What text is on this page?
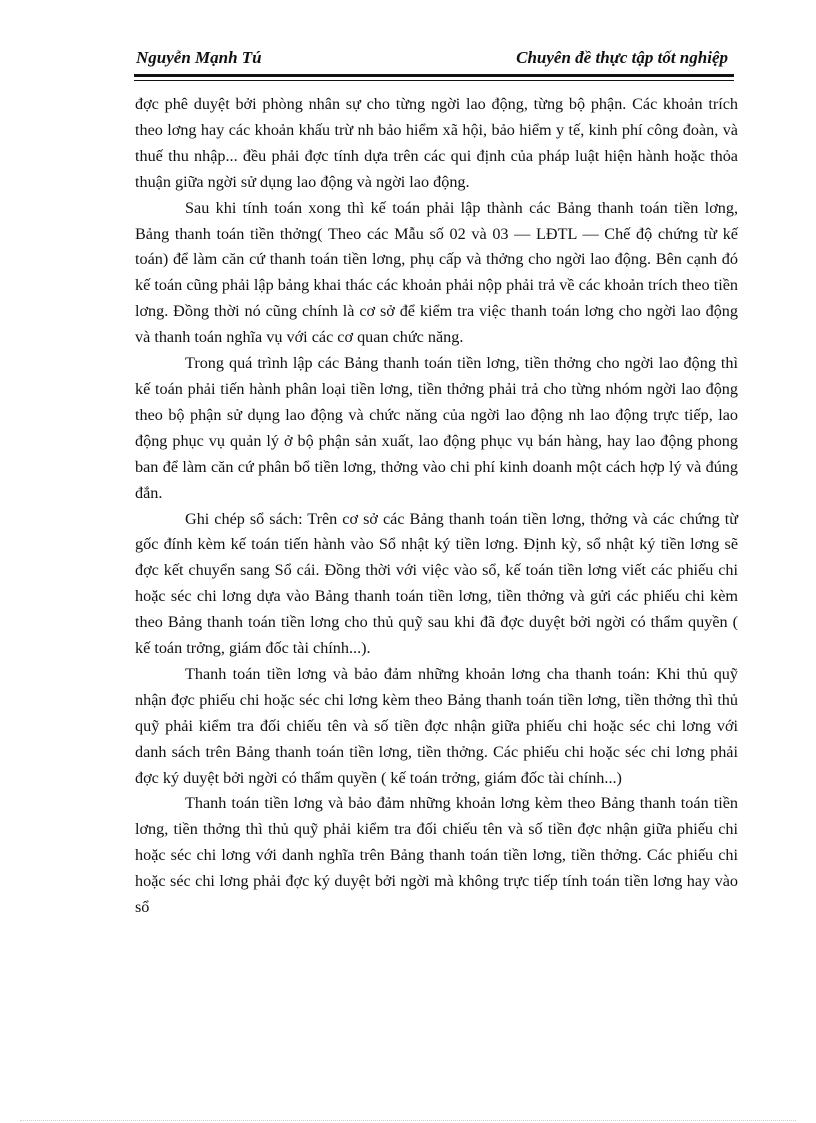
Nguyễn Mạnh Tú	Chuyên đề thực tập tốt nghiệp

đợc phê duyệt bởi phòng nhân sự cho từng ngời lao động, từng bộ phận. Các khoản trích theo lơng hay các khoản khấu trừ nh bảo hiểm xã hội, bảo hiểm y tế, kinh phí công đoàn, và thuế thu nhập... đều phải đợc tính dựa trên các qui định của pháp luật hiện hành hoặc thỏa thuận giữa ngời sử dụng lao động và ngời lao động.

Sau khi tính toán xong thì kế toán phải lập thành các Bảng thanh toán tiền lơng, Bảng thanh toán tiền thởng( Theo các Mẫu số 02 và 03 — LĐTL — Chế độ chứng từ kế toán) để làm căn cứ thanh toán tiền lơng, phụ cấp và thởng cho ngời lao động. Bên cạnh đó kế toán cũng phải lập bảng khai thác các khoản phải nộp phải trả về các khoản trích theo tiền lơng. Đồng thời nó cũng chính là cơ sở để kiểm tra việc thanh toán lơng cho ngời lao động và thanh toán nghĩa vụ với các cơ quan chức năng.

Trong quá trình lập các Bảng thanh toán tiền lơng, tiền thởng cho ngời lao động thì kế toán phải tiến hành phân loại tiền lơng, tiền thởng phải trả cho từng nhóm ngời lao động theo bộ phận sử dụng lao động và chức năng của ngời lao động nh lao động trực tiếp, lao động phục vụ quản lý ở bộ phận sản xuất, lao động phục vụ bán hàng, hay lao động phong ban để làm căn cứ phân bổ tiền lơng, thởng vào chi phí kinh doanh một cách hợp lý và đúng đắn.

Ghi chép sổ sách: Trên cơ sở các Bảng thanh toán tiền lơng, thởng và các chứng từ gốc đính kèm kế toán tiến hành vào Sổ nhật ký tiền lơng. Định kỳ, sổ nhật ký tiền lơng sẽ đợc kết chuyển sang Sổ cái. Đồng thời với việc vào sổ, kế toán tiền lơng viết các phiếu chi hoặc séc chi lơng dựa vào Bảng thanh toán tiền lơng, tiền thởng và gửi các phiếu chi kèm theo Bảng thanh toán tiền lơng cho thủ quỹ sau khi đã đợc duyệt bởi ngời có thẩm quyền ( kế toán trởng, giám đốc tài chính...).

Thanh toán tiền lơng và bảo đảm những khoản lơng cha thanh toán: Khi thủ quỹ nhận đợc phiếu chi hoặc séc chi lơng kèm theo Bảng thanh toán tiền lơng, tiền thởng thì thủ quỹ phải kiểm tra đối chiếu tên và số tiền đợc nhận giữa phiếu chi hoặc séc chi lơng với danh sách trên Bảng thanh toán tiền lơng, tiền thởng. Các phiếu chi hoặc séc chi lơng phải đợc ký duyệt bởi ngời có thẩm quyền ( kế toán trởng, giám đốc tài chính...)

Thanh toán tiền lơng và bảo đảm những khoản lơng kèm theo Bảng thanh toán tiền lơng, tiền thởng thì thủ quỹ phải kiểm tra đối chiếu tên và số tiền đợc nhận giữa phiếu chi hoặc séc chi lơng với danh nghĩa trên Bảng thanh toán tiền lơng, tiền thởng. Các phiếu chi hoặc séc chi lơng phải đợc ký duyệt bởi ngời mà không trực tiếp tính toán tiền lơng hay vào sổ
